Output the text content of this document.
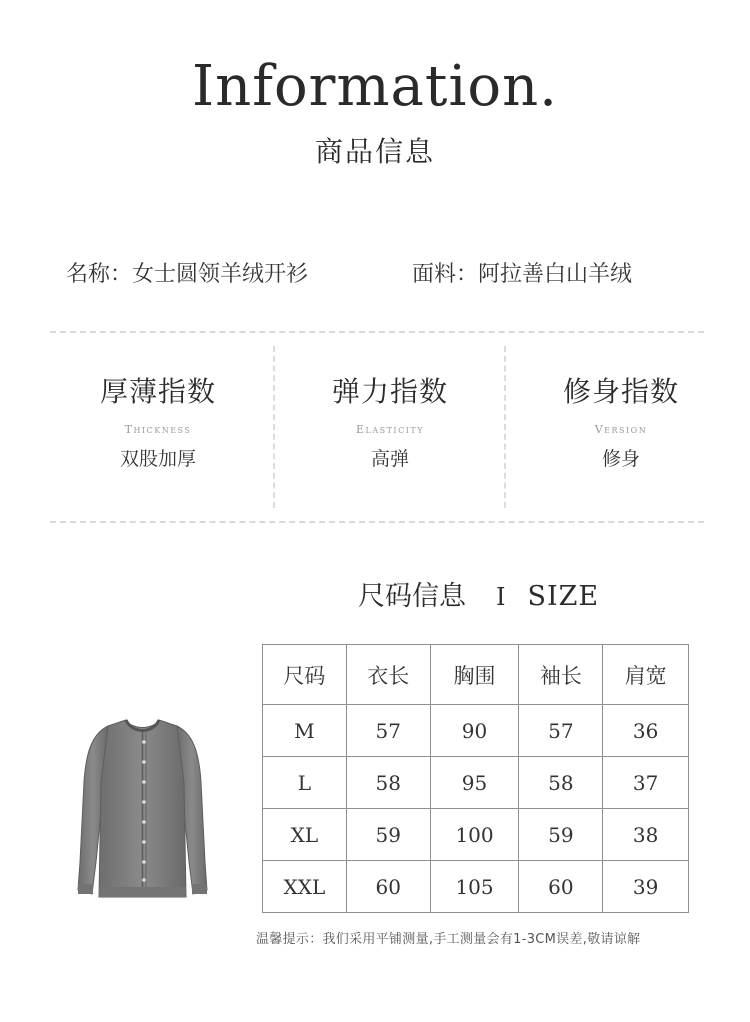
Information.
商品信息
名称：女士圆领羊绒开衫	面料：阿拉善白山羊绒
厚薄指数
Thickness
双股加厚
弹力指数
Elasticity
高弹
修身指数
Version
修身
尺码信息 I SIZE
尺码	衣长	胸围	袖长	肩宽
M	57	90	57	36
L	58	95	58	37
XL	59	100	59	38
XXL	60	105	60	39
温馨提示：我们采用平铺测量,手工测量会有1-3CM误差,敬请谅解
